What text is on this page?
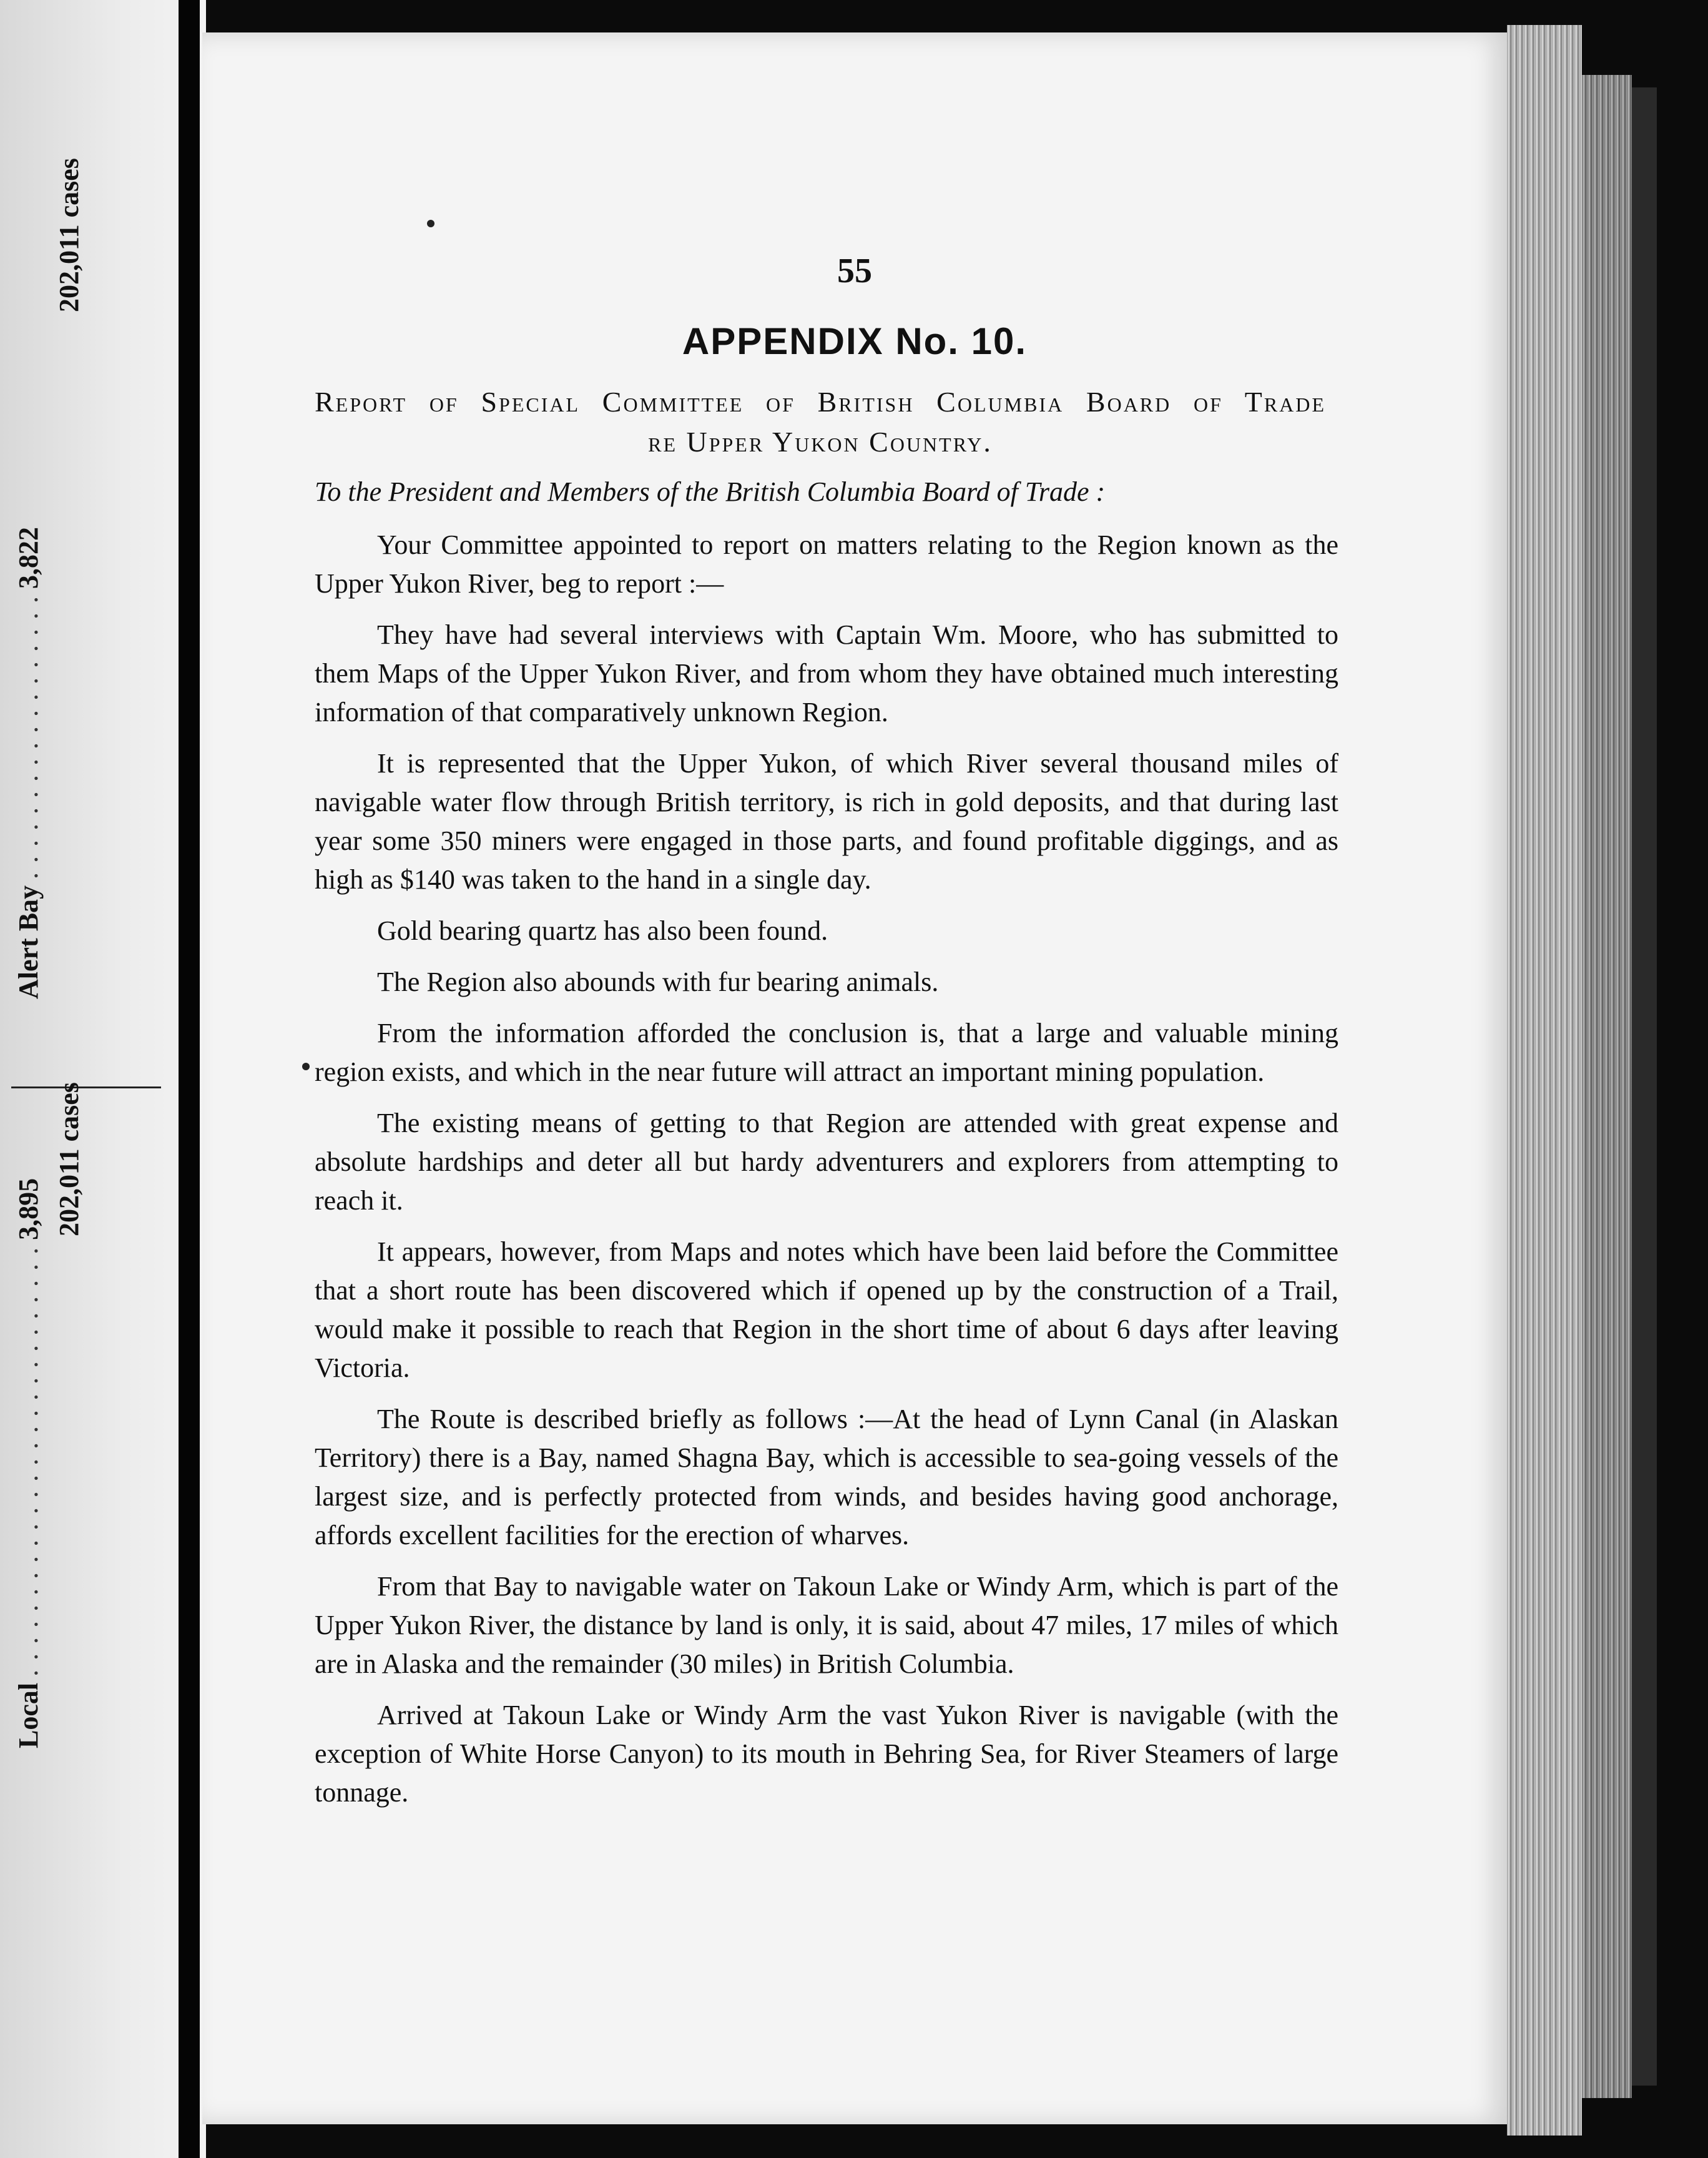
Alert Bay
. . . . . . . . . . . . . . . . . .
3,822
202,011 cases
Local
. . . . . . . . . . . . . . . . . . . . . . . . . . .
3,895 202,011 cases
55
APPENDIX No. 10.
Report of Special Committee of British Columbia Board of Trade
re Upper Yukon Country.
To the President and Members of the British Columbia Board of Trade :

Your Committee appointed to report on matters relating to the Region known as the Upper Yukon River, beg to report :—

They have had several interviews with Captain Wm. Moore, who has submitted to them Maps of the Upper Yukon River, and from whom they have obtained much interesting information of that comparatively unknown Region.

It is represented that the Upper Yukon, of which River several thousand miles of navigable water flow through British territory, is rich in gold deposits, and that during last year some 350 miners were engaged in those parts, and found profitable diggings, and as high as $140 was taken to the hand in a single day.

Gold bearing quartz has also been found.

The Region also abounds with fur bearing animals.

From the information afforded the conclusion is, that a large and valuable mining region exists, and which in the near future will attract an important mining population.

The existing means of getting to that Region are attended with great expense and absolute hardships and deter all but hardy adventurers and explorers from attempting to reach it.

It appears, however, from Maps and notes which have been laid before the Committee that a short route has been discovered which if opened up by the construction of a Trail, would make it possible to reach that Region in the short time of about 6 days after leaving Victoria.

The Route is described briefly as follows :—At the head of Lynn Canal (in Alaskan Territory) there is a Bay, named Shagna Bay, which is accessible to sea-going vessels of the largest size, and is perfectly protected from winds, and besides having good anchorage, affords excellent facilities for the erection of wharves.

From that Bay to navigable water on Takoun Lake or Windy Arm, which is part of the Upper Yukon River, the distance by land is only, it is said, about 47 miles, 17 miles of which are in Alaska and the remainder (30 miles) in British Columbia.

Arrived at Takoun Lake or Windy Arm the vast Yukon River is navigable (with the exception of White Horse Canyon) to its mouth in Behring Sea, for River Steamers of large tonnage.
